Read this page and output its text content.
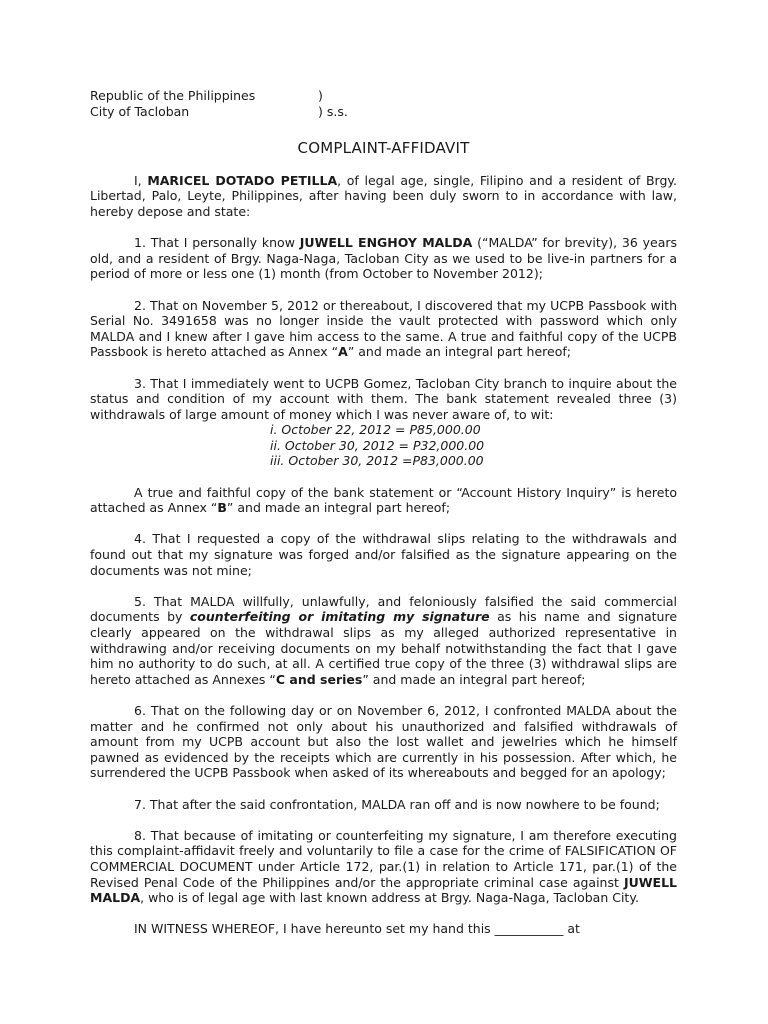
Republic of the Philippines	)
City of Tacloban	) s.s.
COMPLAINT-AFFIDAVIT

I, MARICEL DOTADO PETILLA, of legal age, single, Filipino and a resident of Brgy. Libertad, Palo, Leyte, Philippines, after having been duly sworn to in accordance with law, hereby depose and state:

1. That I personally know JUWELL ENGHOY MALDA (“MALDA” for brevity), 36 years old, and a resident of Brgy. Naga-Naga, Tacloban City as we used to be live-in partners for a period of more or less one (1) month (from October to November 2012);

2. That on November 5, 2012 or thereabout, I discovered that my UCPB Passbook with Serial No. 3491658 was no longer inside the vault protected with password which only MALDA and I knew after I gave him access to the same. A true and faithful copy of the UCPB Passbook is hereto attached as Annex “A” and made an integral part hereof;

3. That I immediately went to UCPB Gomez, Tacloban City branch to inquire about the status and condition of my account with them. The bank statement revealed three (3) withdrawals of large amount of money which I was never aware of, to wit:

i. October 22, 2012 = P85,000.00
ii. October 30, 2012 = P32,000.00
iii. October 30, 2012 =P83,000.00

A true and faithful copy of the bank statement or “Account History Inquiry” is hereto attached as Annex “B” and made an integral part hereof;

4. That I requested a copy of the withdrawal slips relating to the withdrawals and found out that my signature was forged and/or falsified as the signature appearing on the documents was not mine;

5. That MALDA willfully, unlawfully, and feloniously falsified the said commercial documents by counterfeiting or imitating my signature as his name and signature clearly appeared on the withdrawal slips as my alleged authorized representative in withdrawing and/or receiving documents on my behalf notwithstanding the fact that I gave him no authority to do such, at all. A certified true copy of the three (3) withdrawal slips are hereto attached as Annexes “C and series” and made an integral part hereof;

6. That on the following day or on November 6, 2012, I confronted MALDA about the matter and he confirmed not only about his unauthorized and falsified withdrawals of amount from my UCPB account but also the lost wallet and jewelries which he himself pawned as evidenced by the receipts which are currently in his possession. After which, he surrendered the UCPB Passbook when asked of its whereabouts and begged for an apology;

7. That after the said confrontation, MALDA ran off and is now nowhere to be found;

8. That because of imitating or counterfeiting my signature, I am therefore executing this complaint-affidavit freely and voluntarily to file a case for the crime of FALSIFICATION OF COMMERCIAL DOCUMENT under Article 172, par.(1) in relation to Article 171, par.(1) of the Revised Penal Code of the Philippines and/or the appropriate criminal case against JUWELL MALDA, who is of legal age with last known address at Brgy. Naga-Naga, Tacloban City.

IN WITNESS WHEREOF, I have hereunto set my hand this ___________ at
